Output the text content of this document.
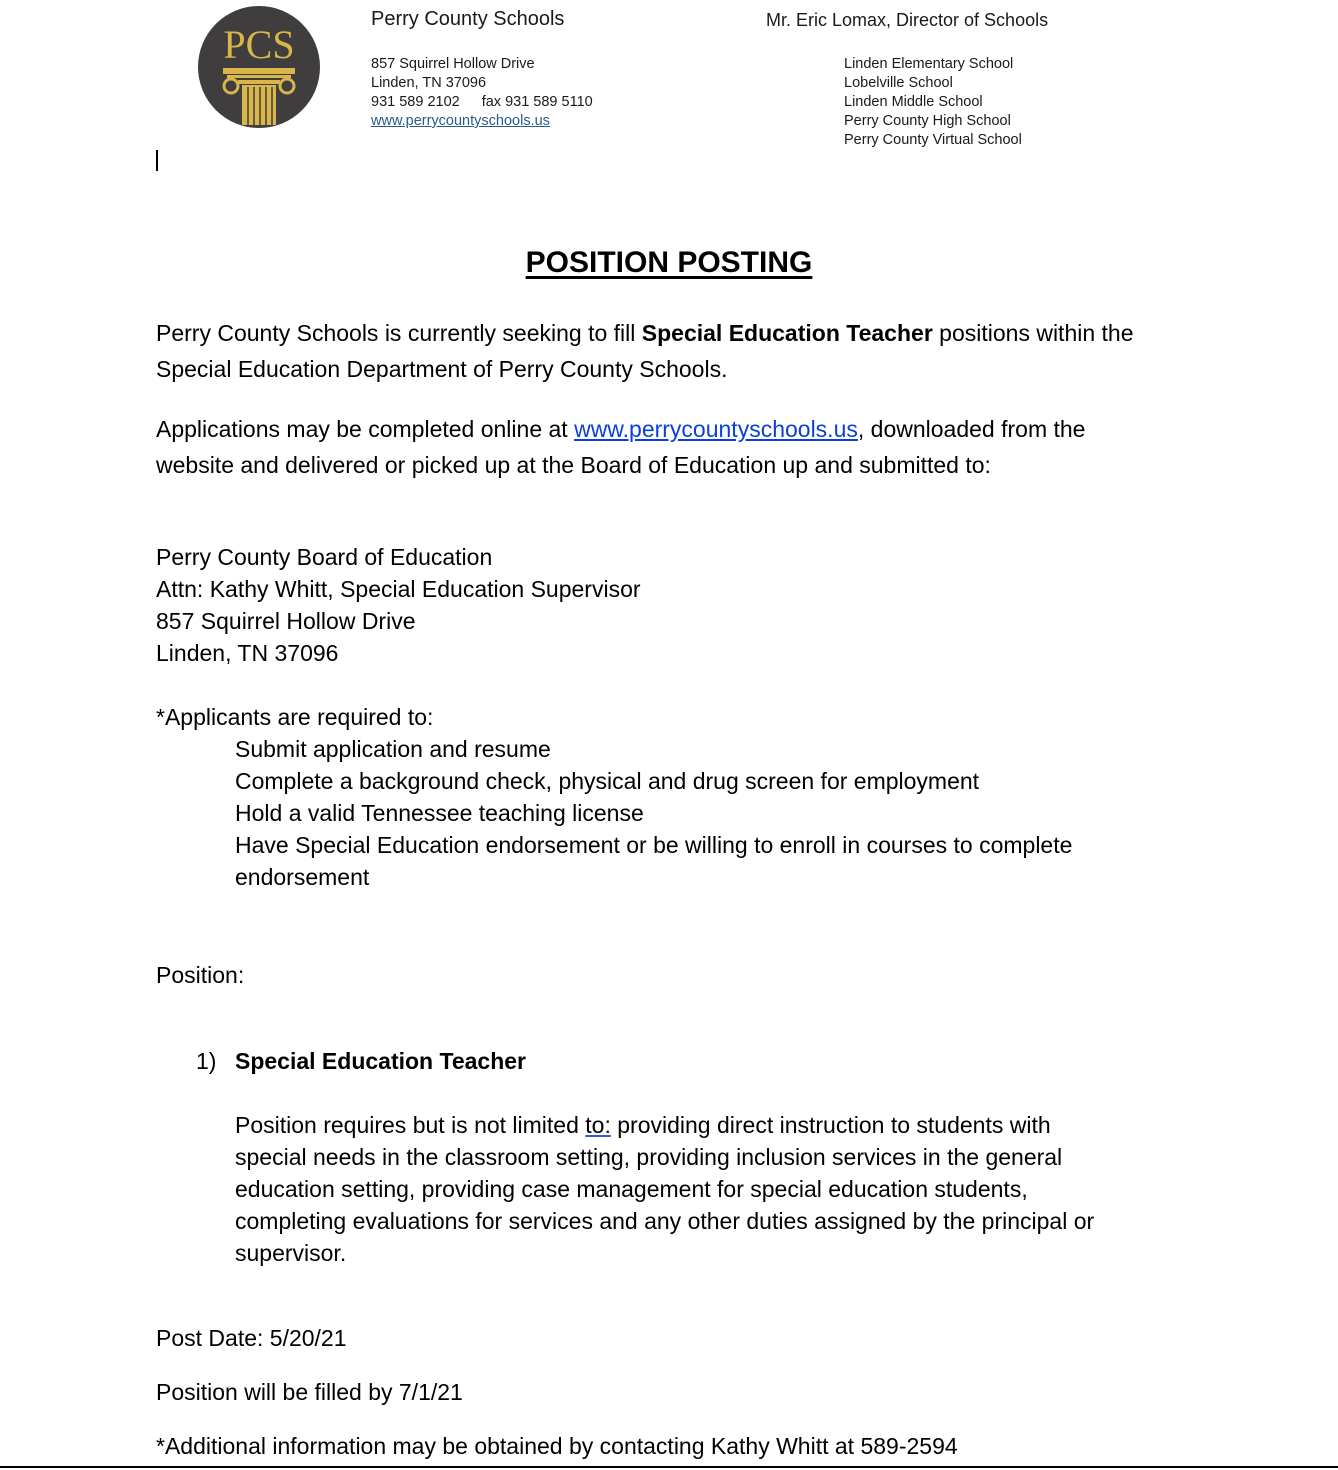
PCS
Perry County Schools	Mr. Eric Lomax, Director of Schools
857 Squirrel Hollow Drive
Linden, TN 37096
931 589 2102 fax 931 589 5110
www.perrycountyschools.us
Linden Elementary School
Lobelville School
Linden Middle School
Perry County High School
Perry County Virtual School
POSITION POSTING
Perry County Schools is currently seeking to fill Special Education Teacher positions within the
Special Education Department of Perry County Schools.
Applications may be completed online at www.perrycountyschools.us, downloaded from the
website and delivered or picked up at the Board of Education up and submitted to:
Perry County Board of Education
Attn: Kathy Whitt, Special Education Supervisor
857 Squirrel Hollow Drive
Linden, TN 37096
*Applicants are required to:
Submit application and resume
Complete a background check, physical and drug screen for employment
Hold a valid Tennessee teaching license
Have Special Education endorsement or be willing to enroll in courses to complete
endorsement
Position:
1) Special Education Teacher
Position requires but is not limited to: providing direct instruction to students with
special needs in the classroom setting, providing inclusion services in the general
education setting, providing case management for special education students,
completing evaluations for services and any other duties assigned by the principal or
supervisor.
Post Date: 5/20/21
Position will be filled by 7/1/21
*Additional information may be obtained by contacting Kathy Whitt at 589-2594
